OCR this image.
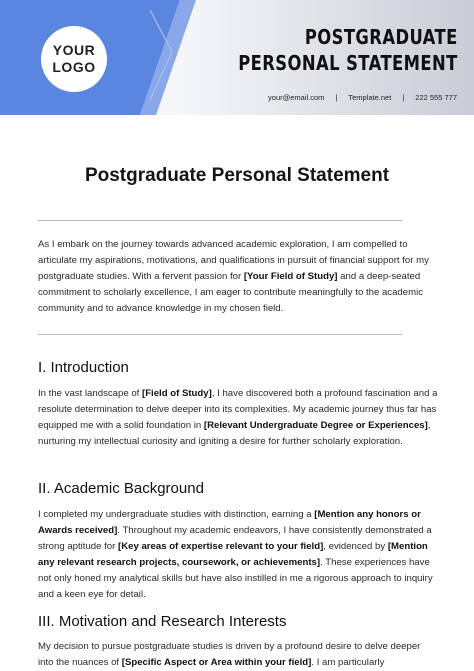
YOUR
LOGO
POSTGRADUATE
PERSONAL STATEMENT
your@email.com | Template.net | 222 555 777
Postgraduate Personal Statement

As I embark on the journey towards advanced academic exploration, I am compelled to articulate my aspirations, motivations, and qualifications in pursuit of financial support for my postgraduate studies. With a fervent passion for [Your Field of Study] and a deep-seated commitment to scholarly excellence, I am eager to contribute meaningfully to the academic community and to advance knowledge in my chosen field.

I. Introduction

In the vast landscape of [Field of Study], I have discovered both a profound fascination and a resolute determination to delve deeper into its complexities. My academic journey thus far has equipped me with a solid foundation in [Relevant Undergraduate Degree or Experiences], nurturing my intellectual curiosity and igniting a desire for further scholarly exploration.

II. Academic Background

I completed my undergraduate studies with distinction, earning a [Mention any honors or Awards received]. Throughout my academic endeavors, I have consistently demonstrated a strong aptitude for [Key areas of expertise relevant to your field], evidenced by [Mention any relevant research projects, coursework, or achievements]. These experiences have not only honed my analytical skills but have also instilled in me a rigorous approach to inquiry and a keen eye for detail.

III. Motivation and Research Interests

My decision to pursue postgraduate studies is driven by a profound desire to delve deeper into the nuances of [Specific Aspect or Area within your field]. I am particularly
